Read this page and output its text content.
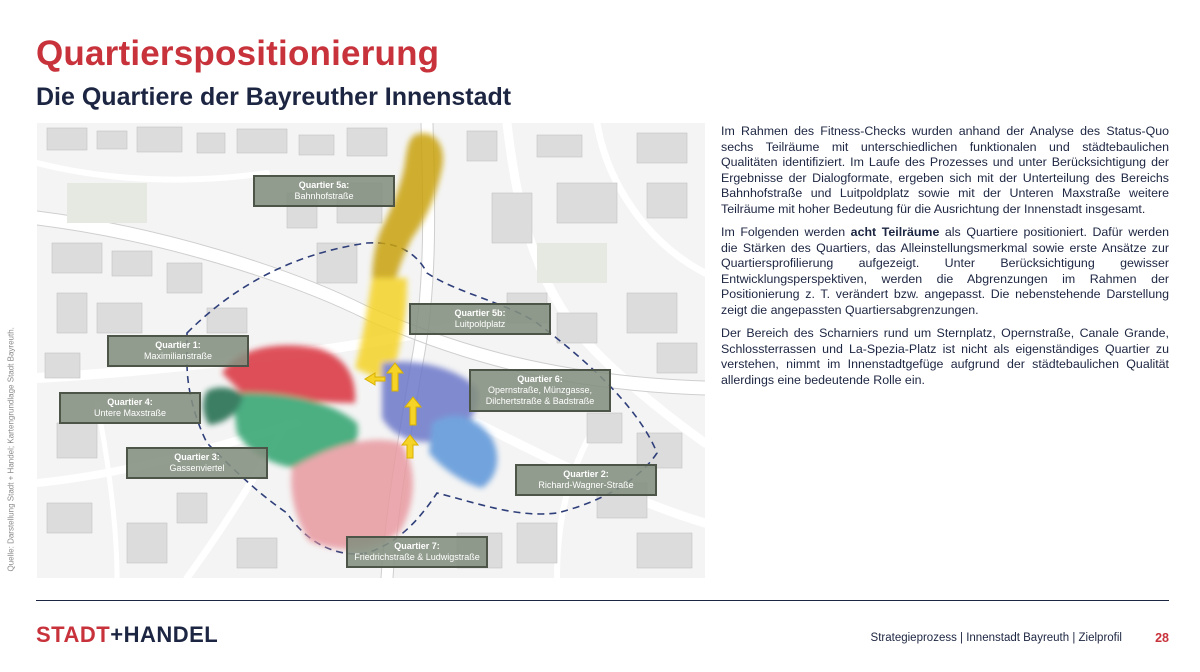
Quartierspositionierung
Die Quartiere der Bayreuther Innenstadt
Quelle: Darstellung Stadt + Handel; Kartengrundlage Stadt Bayreuth.
Quartier 5a:
Bahnhofstraße
Quartier 5b:
Luitpoldplatz
Quartier 1:
Maximilianstraße
Quartier 4:
Untere Maxstraße
Quartier 6:
Opernstraße, Münzgasse, Dilchertstraße & Badstraße
Quartier 3:
Gassenviertel
Quartier 2:
Richard-Wagner-Straße
Quartier 7:
Friedrichstraße & Ludwigstraße

Im Rahmen des Fitness-Checks wurden anhand der Analyse des Status-Quo sechs Teilräume mit unterschiedlichen funktionalen und städtebaulichen Qualitäten identifiziert. Im Laufe des Prozesses und unter Berücksichtigung der Ergebnisse der Dialogformate, ergeben sich mit der Unterteilung des Bereichs Bahnhofstraße und Luitpoldplatz sowie mit der Unteren Maxstraße weitere Teilräume mit hoher Bedeutung für die Ausrichtung der Innenstadt insgesamt.

Im Folgenden werden acht Teilräume als Quartiere positioniert. Dafür werden die Stärken des Quartiers, das Alleinstellungsmerkmal sowie erste Ansätze zur Quartiersprofilierung aufgezeigt. Unter Berücksichtigung gewisser Entwicklungsperspektiven, werden die Abgrenzungen im Rahmen der Positionierung z. T. verändert bzw. angepasst. Die nebenstehende Darstellung zeigt die angepassten Quartiersabgrenzungen.

Der Bereich des Scharniers rund um Sternplatz, Opernstraße, Canale Grande, Schlossterrassen und La-Spezia-Platz ist nicht als eigenständiges Quartier zu verstehen, nimmt im Innenstadtgefüge aufgrund der städtebaulichen Qualität allerdings eine bedeutende Rolle ein.

STADT+HANDEL	Strategieprozess | Innenstadt Bayreuth | Zielprofil	28
